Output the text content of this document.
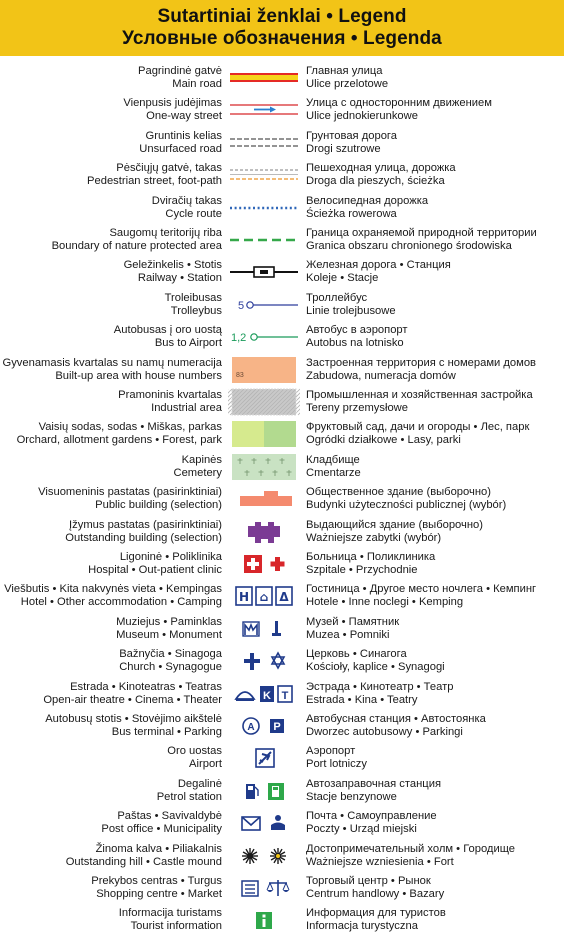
Sutartiniai ženklai • Legend
Условные обозначения • Legenda
Pagrindinė gatvė
Main road
Главная улица
Ulice przelotowe
Vienpusis judėjimas
One-way street
Улица с односторонним движением
Ulice jednokierunkowe
Gruntinis kelias
Unsurfaced road
Грунтовая дорога
Drogi szutrowe
Pėsčiųjų gatvė, takas
Pedestrian street, foot-path
Пешеходная улица, дорожка
Droga dla pieszych, ścieżka
Dviračių takas
Cycle route
Велосипедная дорожка
Ścieżka rowerowa
Saugomų teritorijų riba
Boundary of nature protected area
Граница охраняемой природной территории
Granica obszaru chronionego środowiska
Geležinkelis • Stotis
Railway • Station
Железная дорога • Станция
Koleje • Stacje
Troleibusas
Trolleybus 5
Троллейбус
Linie trolejbusowe
Autobusas į oro uostą
Bus to Airport 1,2
Автобус в аэропорт
Autobus na lotnisko
Gyvenamasis kvartalas su namų numeracija
Built-up area with house numbers 83
Застроенная территория с номерами домов
Zabudowa, numeracja domów
Pramoninis kvartalas
Industrial area
Промышленная и хозяйственная застройка
Tereny przemysłowe
Vaisių sodas, sodas • Miškas, parkas
Orchard, allotment gardens • Forest, park
Фруктовый сад, дачи и огороды • Лес, парк
Ogródki działkowe • Lasy, parki
Kapinės
Cemetery
Кладбище
Cmentarze
Visuomeninis pastatas (pasirinktiniai)
Public building (selection)
Общественное здание (выборочно)
Budynki użyteczności publicznej (wybór)
Įžymus pastatas (pasirinktiniai)
Outstanding building (selection)
Выдающийся здание (выборочно)
Ważniejsze zabytki (wybór)
Ligoninė • Poliklinika
Hospital • Out-patient clinic
Больница • Поликлиника
Szpitale • Przychodnie
Viešbutis • Kita nakvynės vieta • Kempingas
Hotel • Other accommodation • Camping H ⌂ Δ
Гостиница • Другое место ночлега • Кемпинг
Hotele • Inne noclegi • Kemping
Muziejus • Paminklas
Museum • Monument
Музей • Памятник
Muzea • Pomniki
Bažnyčia • Sinagoga
Church • Synagogue
Церковь • Синагога
Kościoły, kaplice • Synagogi
Estrada • Kinoteatras • Teatras
Open-air theatre • Cinema • Theater	K T
Эстрада • Кинотеатр • Театр
Estrada • Kina • Teatry
Autobusų stotis • Stovėjimo aikštelė
Bus terminal • Parking	A P
Автобусная станция • Автостоянка
Dworzec autobusowy • Parkingi
Oro uostas
Airport
Аэропорт
Port lotniczy
Degalinė
Petrol station
Автозаправочная станция
Stacje benzynowe
Paštas • Savivaldybė
Post office • Municipality
Почта • Самоуправление
Poczty • Urząd miejski
Žinoma kalva • Piliakalnis
Outstanding hill • Castle mound
Достопримечательный холм • Городище
Ważniejsze wzniesienia • Fort
Prekybos centras • Turgus
Shopping centre • Market
Торговый центр • Рынок
Centrum handlowy • Bazary
Informacija turistams
Tourist information
Информация для туристов
Informacja turystyczna
